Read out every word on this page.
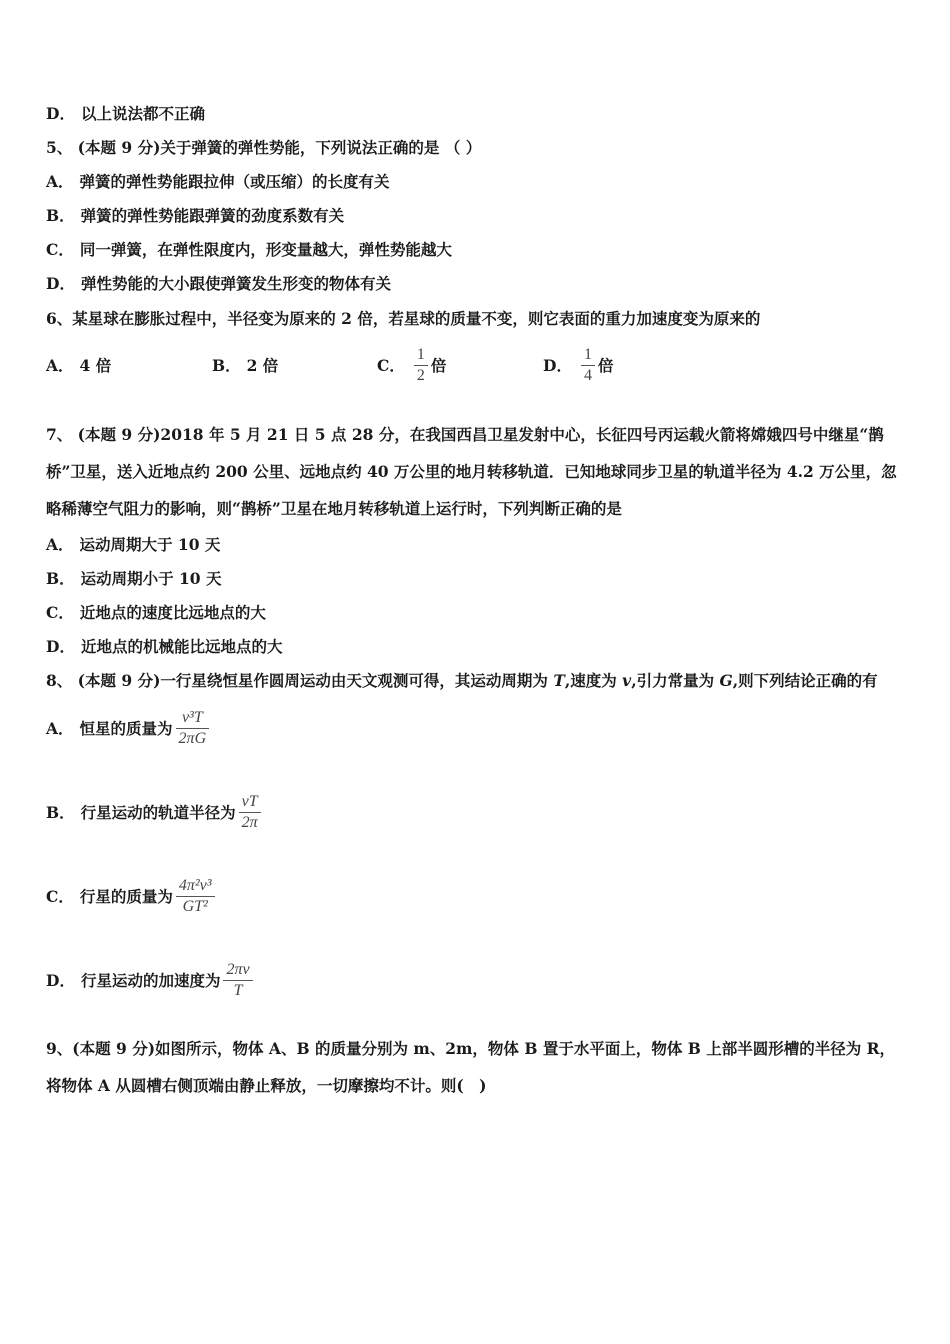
D． 以上说法都不正确
5、 (本题 9 分)关于弹簧的弹性势能，下列说法正确的是 （ ）
A． 弹簧的弹性势能跟拉伸（或压缩）的长度有关
B． 弹簧的弹性势能跟弹簧的劲度系数有关
C． 同一弹簧，在弹性限度内，形变量越大，弹性势能越大
D． 弹性势能的大小跟使弹簧发生形变的物体有关
6、某星球在膨胀过程中，半径变为原来的 2 倍，若星球的质量不变，则它表面的重力加速度变为原来的
A． 4 倍	B． 2 倍	C． $\frac{1}{2}$ 倍	D． $\frac{1}{4}$ 倍
7、 (本题 9 分)2018 年 5 月 21 日 5 点 28 分，在我国西昌卫星发射中心，长征四号丙运载火箭将嫦娥四号中继星“鹊桥”卫星，送入近地点约 200 公里、远地点约 40 万公里的地月转移轨道．已知地球同步卫星的轨道半径为 4.2 万公里，忽略稀薄空气阻力的影响，则“鹊桥”卫星在地月转移轨道上运行时，下列判断正确的是
A． 运动周期大于 10 天
B． 运动周期小于 10 天
C． 近地点的速度比远地点的大
D． 近地点的机械能比远地点的大
8、 (本题 9 分)一行星绕恒星作圆周运动由天文观测可得，其运动周期为 T,速度为 v,引力常量为 G,则下列结论正确的有
A． 恒星的质量为 $\frac{\text{v³T}}{2\pi G}$
B． 行星运动的轨道半径为 $\frac{vT}{2\pi}$
C． 行星的质量为 $\frac{\text{4π²v³}}{\text{GT²}}$
D． 行星运动的加速度为 $\frac{2\pi v}{T}$
9、(本题 9 分)如图所示，物体 A、B 的质量分别为 m、2m，物体 B 置于水平面上，物体 B 上部半圆形槽的半径为 R，将物体 A 从圆槽右侧顶端由静止释放，一切摩擦均不计。则(　)
